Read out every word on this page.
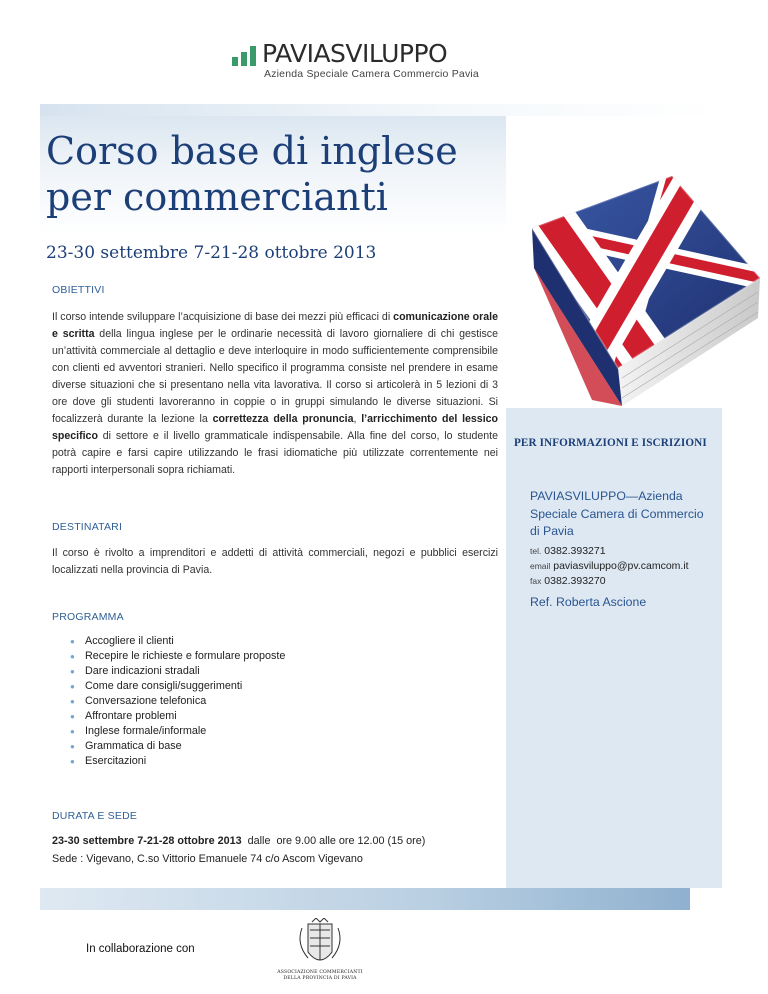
PAVIASVILUPPO
Azienda Speciale Camera Commercio Pavia
Corso base di inglese
per commercianti
23-30 settembre 7-21-28 ottobre 2013
OBIETTIVI
Il corso intende sviluppare l’acquisizione di base dei mezzi più efficaci di comunicazione orale e scritta della lingua inglese per le ordinarie necessità di lavoro giornaliere di chi gestisce un’attività commerciale al dettaglio e deve interloquire in modo sufficientemente comprensibile con clienti ed avventori stranieri. Nello specifico il programma consiste nel prendere in esame diverse situazioni che si presentano nella vita lavorativa. Il corso si articolerà in 5 lezioni di 3 ore dove gli studenti lavoreranno in coppie o in gruppi simulando le diverse situazioni. Si focalizzerà durante la lezione la correttezza della pronuncia, l’arricchimento del lessico specifico di settore e il livello grammaticale indispensabile. Alla fine del corso, lo studente potrà capire e farsi capire utilizzando le frasi idiomatiche più utilizzate correntemente nei rapporti interpersonali sopra richiamati.
DESTINATARI
Il corso è rivolto a imprenditori e addetti di attività commerciali, negozi e pubblici esercizi localizzati nella provincia di Pavia.
PROGRAMMA
● Accogliere il clienti
● Recepire le richieste e formulare proposte
● Dare indicazioni stradali
● Come dare consigli/suggerimenti
● Conversazione telefonica
● Affrontare problemi
● Inglese formale/informale
● Grammatica di base
● Esercitazioni
DURATA E SEDE
23-30 settembre 7-21-28 ottobre 2013  dalle  ore 9.00 alle ore 12.00 (15 ore)
Sede : Vigevano, C.so Vittorio Emanuele 74 c/o Ascom Vigevano
PER INFORMAZIONI E ISCRIZIONI
PAVIASVILUPPO—Azienda Speciale Camera di Commercio di Pavia
tel. 0382.393271
email paviasviluppo@pv.camcom.it
fax 0382.393270
Ref. Roberta Ascione
In collaborazione con
ASSOCIAZIONE COMMERCIANTI
DELLA PROVINCIA DI PAVIA
